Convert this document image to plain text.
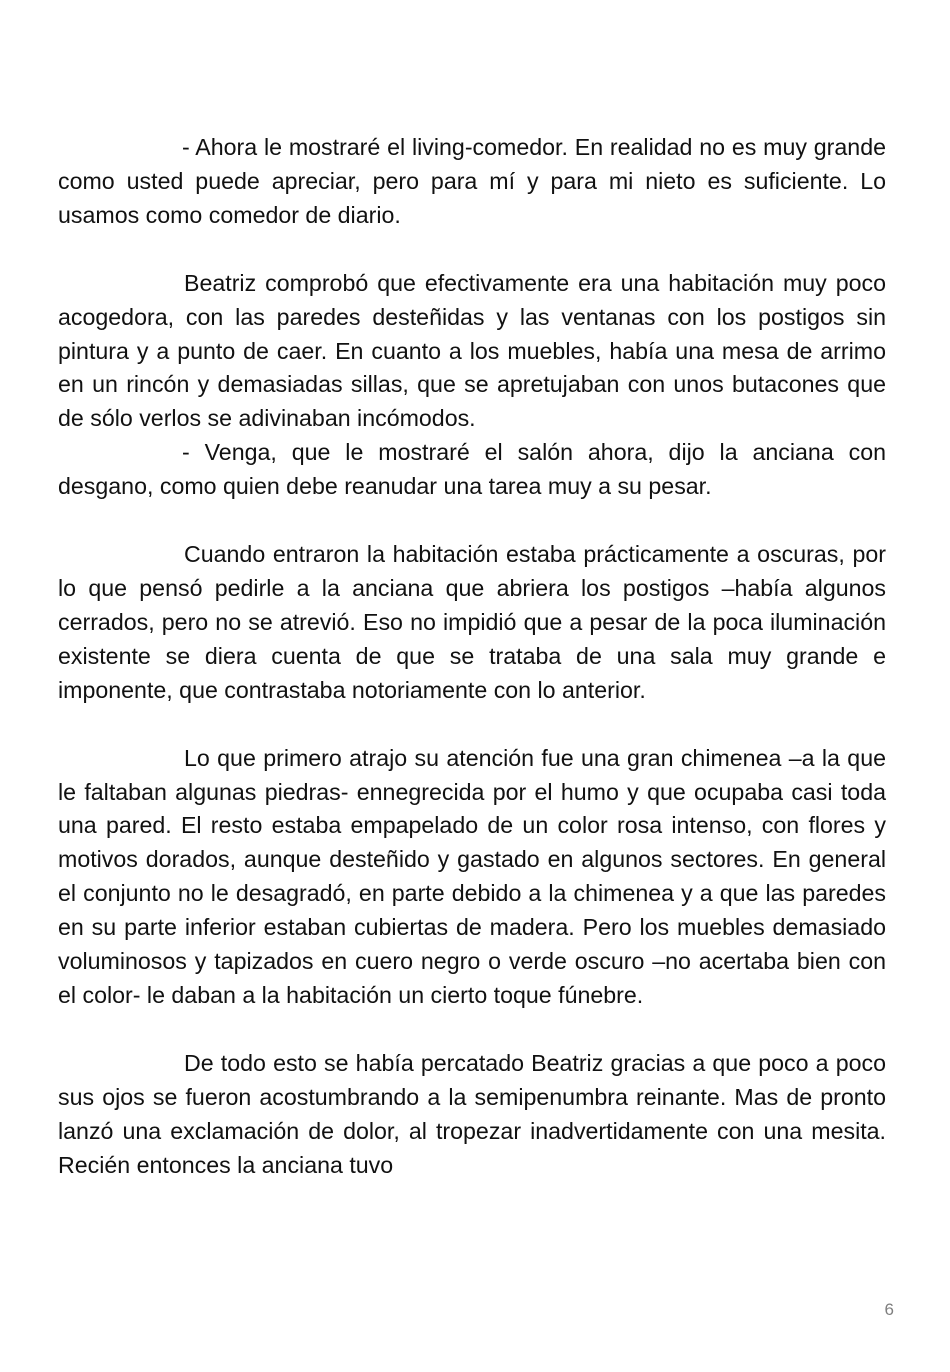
- Ahora le mostraré el living-comedor. En realidad no es muy grande como usted puede apreciar, pero para mí y para mi nieto es suficiente. Lo usamos como comedor de diario.

Beatriz comprobó que efectivamente era una habitación muy poco acogedora, con las paredes desteñidas y las ventanas con los postigos sin pintura y a punto de caer. En cuanto a los muebles, había una mesa de arrimo en un rincón y demasiadas sillas, que se apretujaban con unos butacones que de sólo verlos se adivinaban incómodos.

- Venga, que le mostraré el salón ahora, dijo la anciana con desgano, como quien debe reanudar una tarea muy a su pesar.

Cuando entraron la habitación estaba prácticamente a oscuras, por lo que pensó pedirle a la anciana que abriera los postigos –había algunos cerrados, pero no se atrevió. Eso no impidió que a pesar de la poca iluminación existente se diera cuenta de que se trataba de una sala muy grande e imponente, que contrastaba notoriamente con lo anterior.

Lo que primero atrajo su atención fue una gran chimenea –a la que le faltaban algunas piedras- ennegrecida por el humo y que ocupaba casi toda una pared. El resto estaba empapelado de un color rosa intenso, con flores y motivos dorados, aunque desteñido y gastado en algunos sectores. En general el conjunto no le desagradó, en parte debido a la chimenea y a que las paredes en su parte inferior estaban cubiertas de madera. Pero los muebles demasiado voluminosos y tapizados en cuero negro o verde oscuro –no acertaba bien con el color- le daban a la habitación un cierto toque fúnebre.

De todo esto se había percatado Beatriz gracias a que poco a poco sus ojos se fueron acostumbrando a la semipenumbra reinante. Mas de pronto lanzó una exclamación de dolor, al tropezar inadvertidamente con una mesita. Recién entonces la anciana tuvo

6
